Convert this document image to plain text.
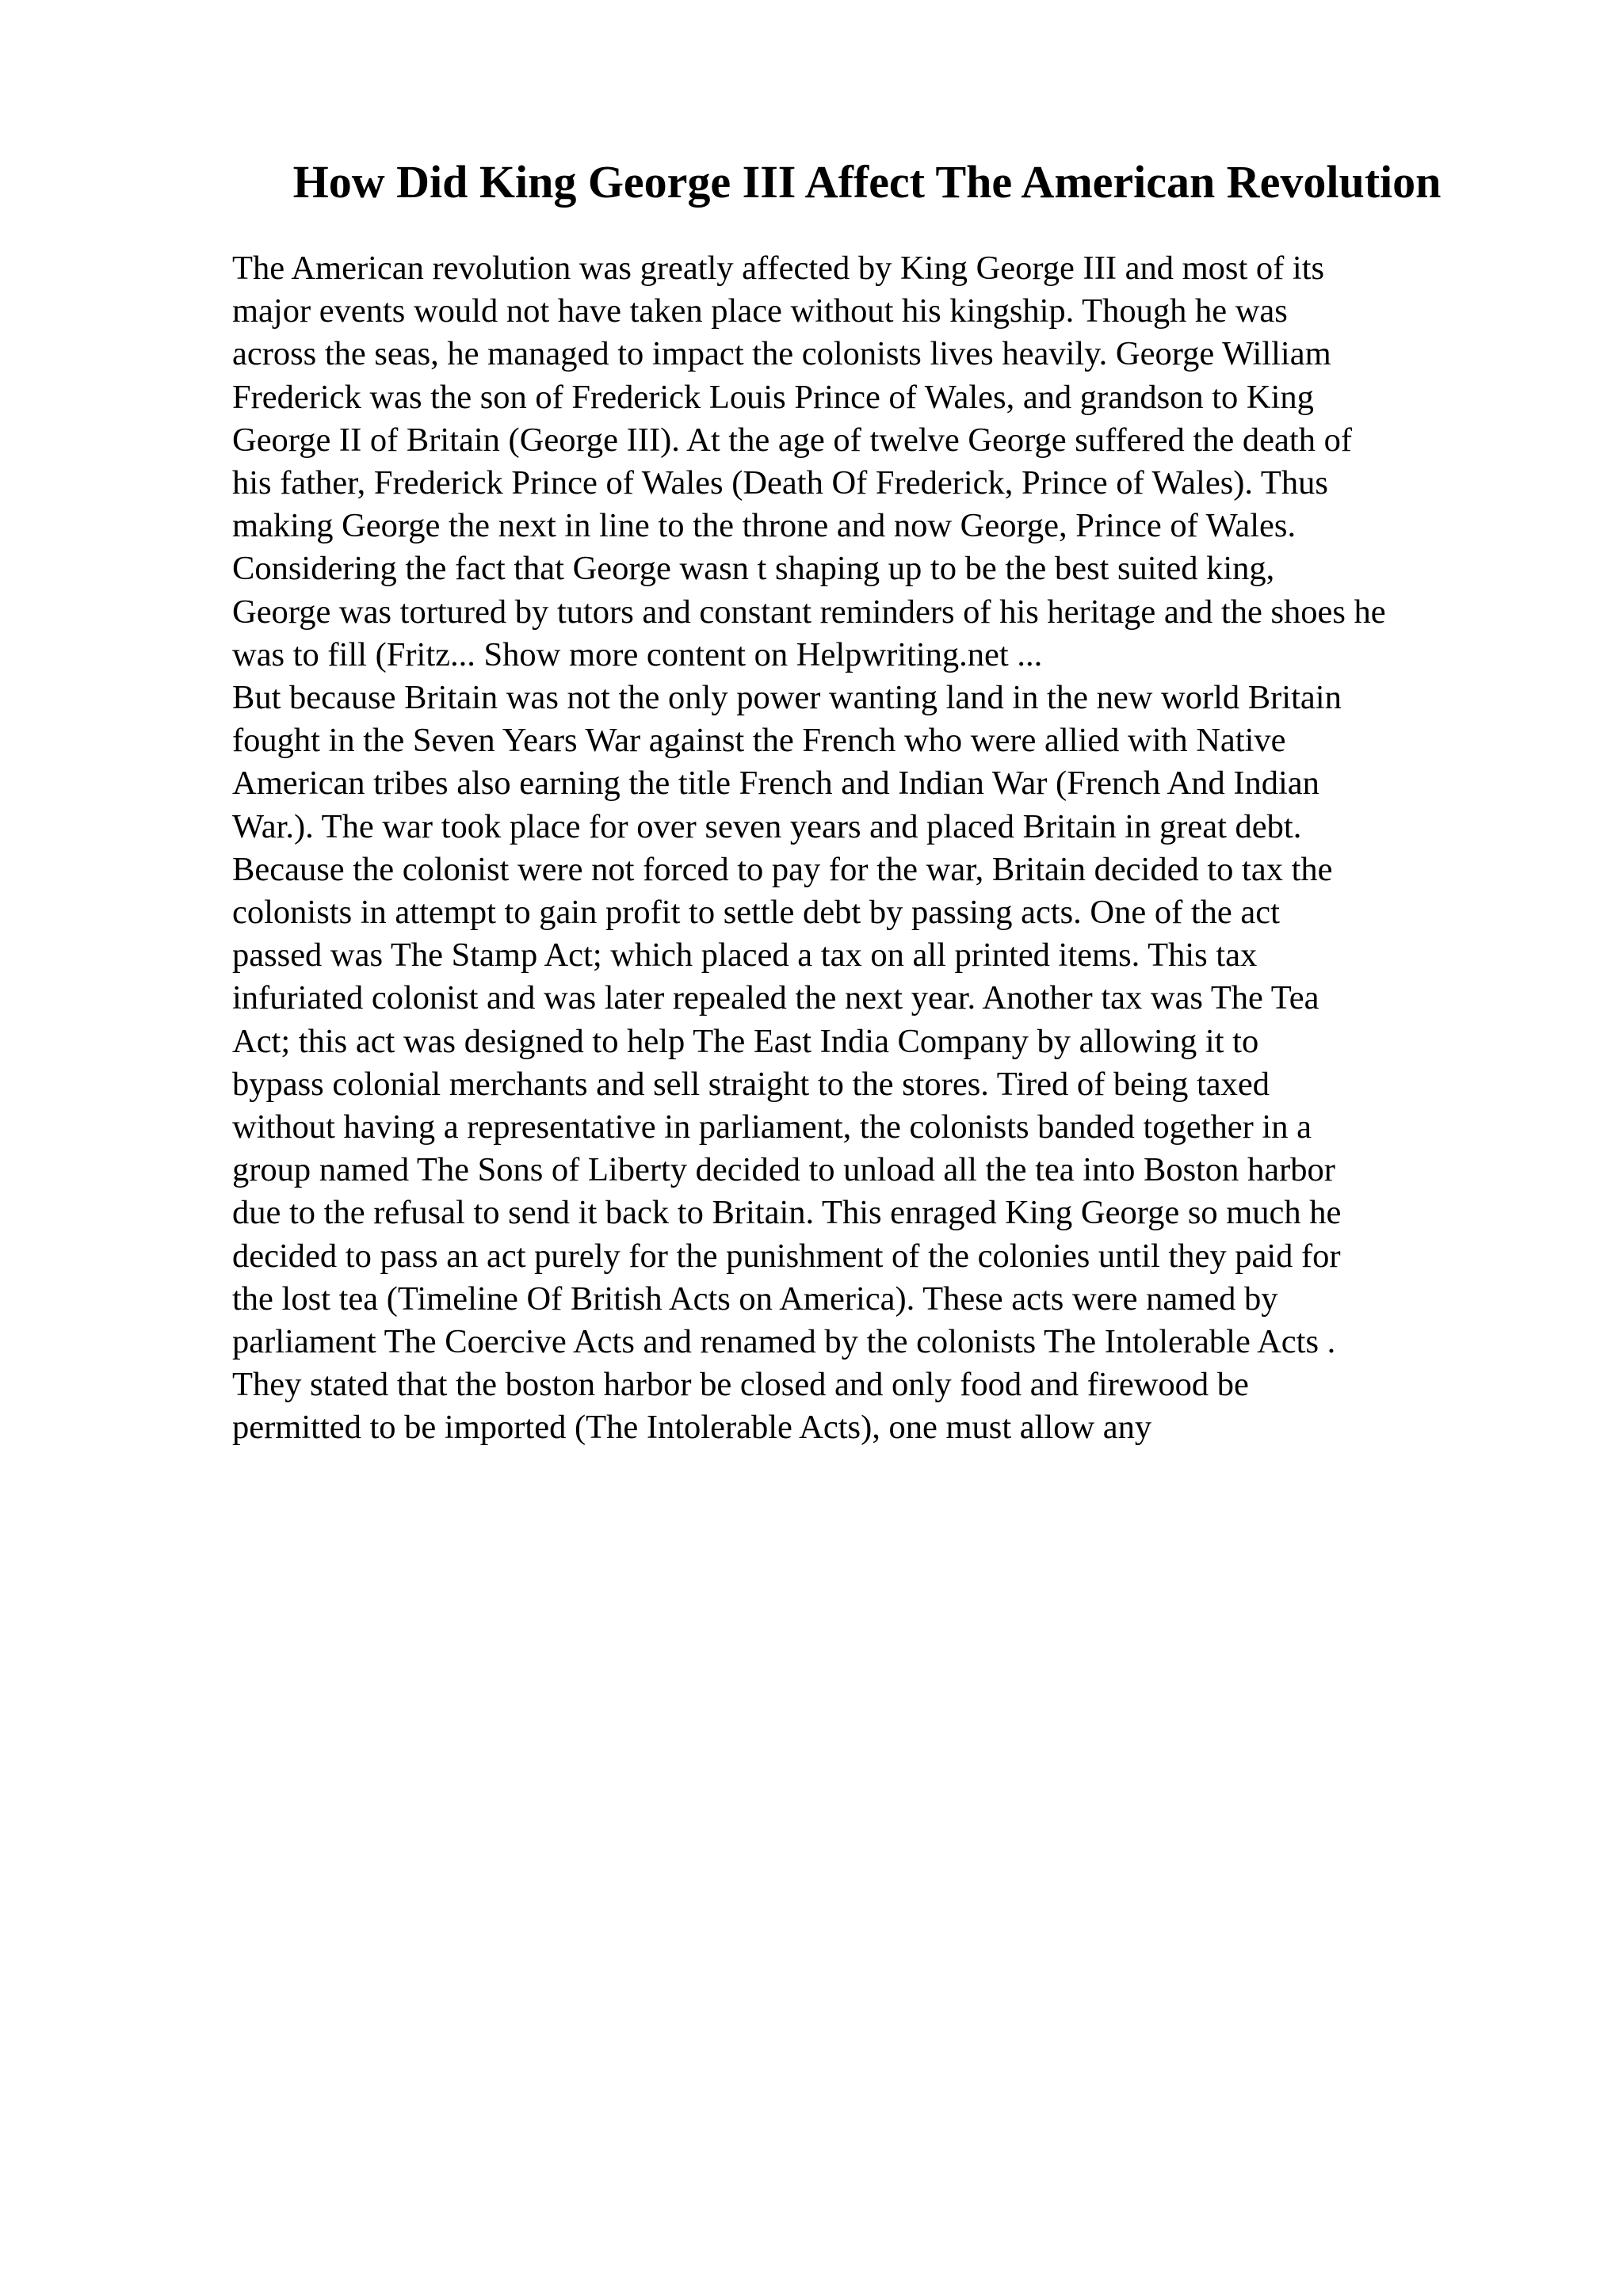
How Did King George III Affect The American Revolution
The American revolution was greatly affected by King George III and most of its
major events would not have taken place without his kingship. Though he was
across the seas, he managed to impact the colonists lives heavily. George William
Frederick was the son of Frederick Louis Prince of Wales, and grandson to King
George II of Britain (George III). At the age of twelve George suffered the death of
his father, Frederick Prince of Wales (Death Of Frederick, Prince of Wales). Thus
making George the next in line to the throne and now George, Prince of Wales.
Considering the fact that George wasn t shaping up to be the best suited king,
George was tortured by tutors and constant reminders of his heritage and the shoes he
was to fill (Fritz... Show more content on Helpwriting.net ...
But because Britain was not the only power wanting land in the new world Britain
fought in the Seven Years War against the French who were allied with Native
American tribes also earning the title French and Indian War (French And Indian
War.). The war took place for over seven years and placed Britain in great debt.
Because the colonist were not forced to pay for the war, Britain decided to tax the
colonists in attempt to gain profit to settle debt by passing acts. One of the act
passed was The Stamp Act; which placed a tax on all printed items. This tax
infuriated colonist and was later repealed the next year. Another tax was The Tea
Act; this act was designed to help The East India Company by allowing it to
bypass colonial merchants and sell straight to the stores. Tired of being taxed
without having a representative in parliament, the colonists banded together in a
group named The Sons of Liberty decided to unload all the tea into Boston harbor
due to the refusal to send it back to Britain. This enraged King George so much he
decided to pass an act purely for the punishment of the colonies until they paid for
the lost tea (Timeline Of British Acts on America). These acts were named by
parliament The Coercive Acts and renamed by the colonists The Intolerable Acts .
They stated that the boston harbor be closed and only food and firewood be
permitted to be imported (The Intolerable Acts), one must allow any
